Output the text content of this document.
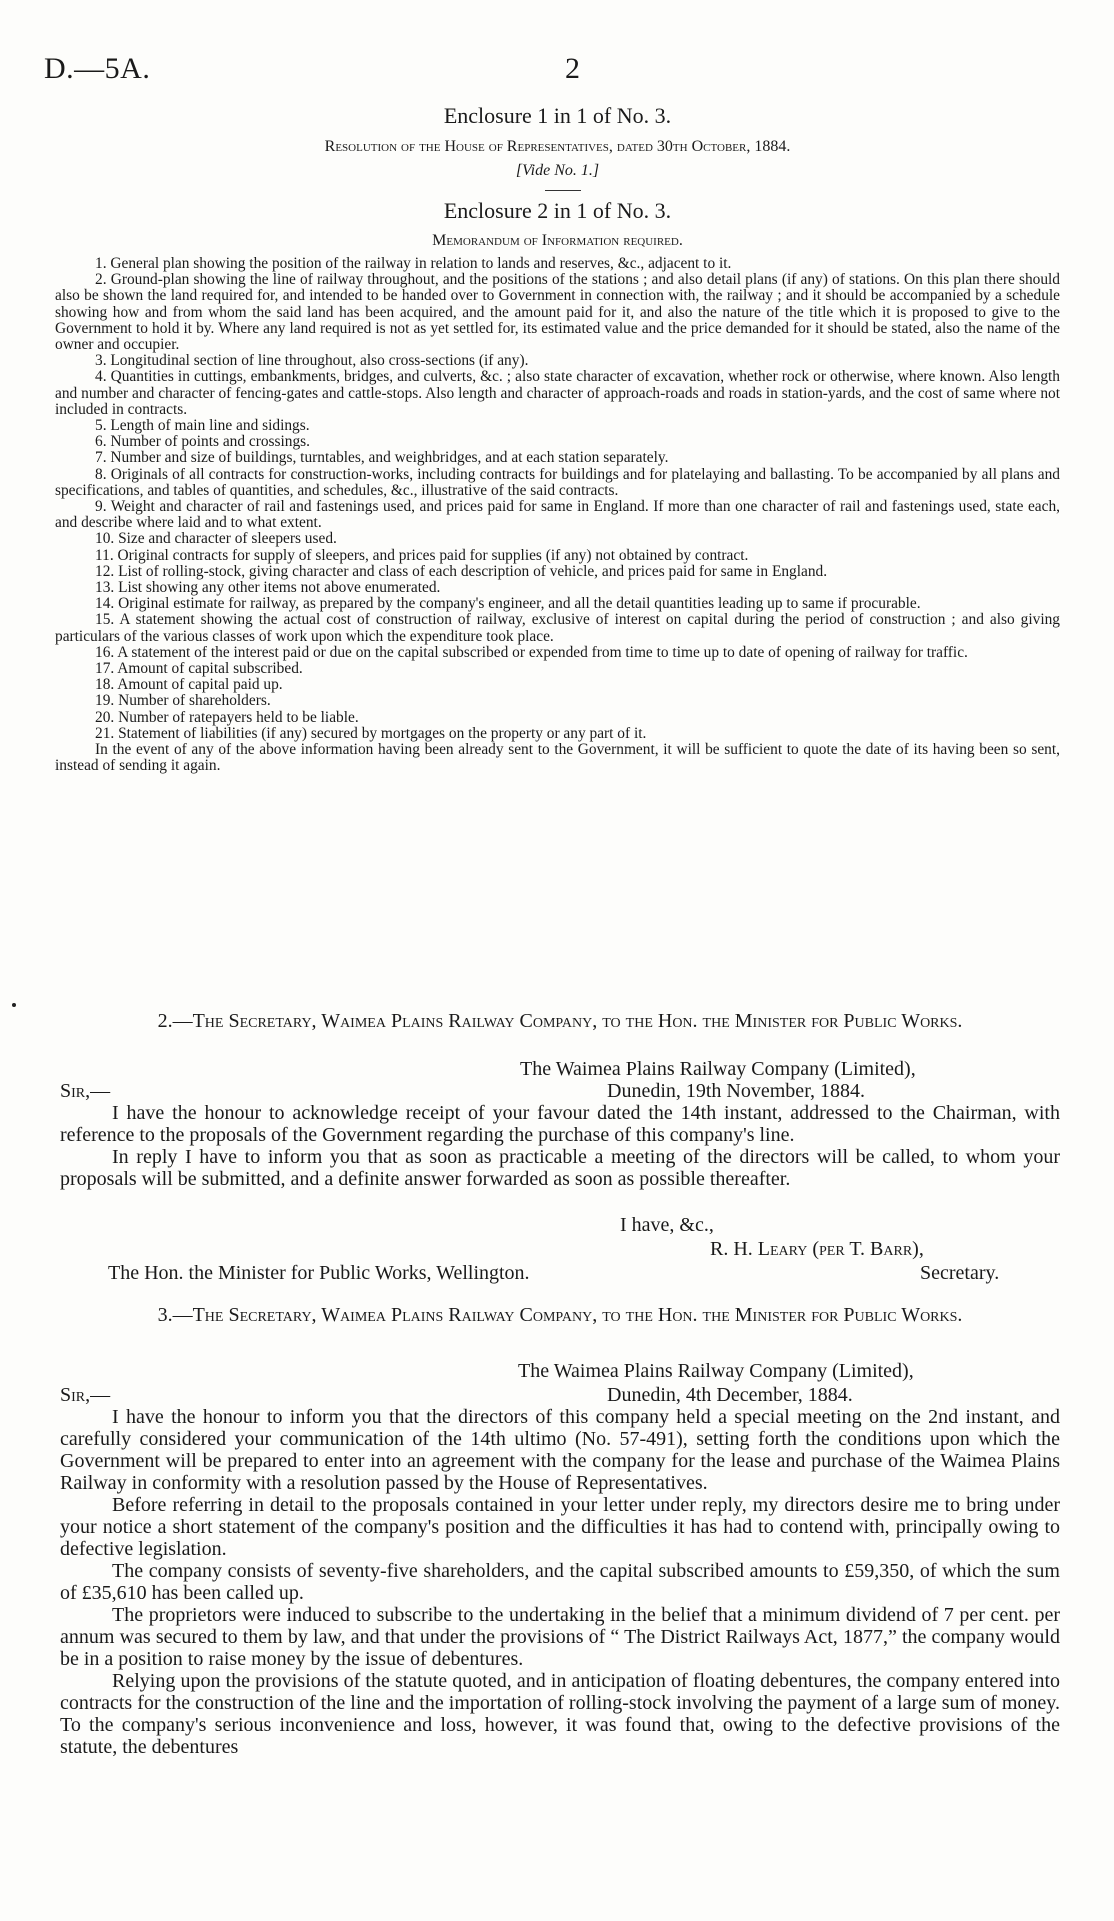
D.—5A.	2
Enclosure 1 in 1 of No. 3.
Resolution of the House of Representatives, dated 30th October, 1884.
[Vide No. 1.]
Enclosure 2 in 1 of No. 3.
Memorandum of Information required.

1. General plan showing the position of the railway in relation to lands and reserves, &c., adjacent to it.

2. Ground-plan showing the line of railway throughout, and the positions of the stations ; and also detail plans (if any) of stations. On this plan there should also be shown the land required for, and intended to be handed over to Government in connection with, the railway ; and it should be accompanied by a schedule showing how and from whom the said land has been acquired, and the amount paid for it, and also the nature of the title which it is proposed to give to the Government to hold it by. Where any land required is not as yet settled for, its estimated value and the price demanded for it should be stated, also the name of the owner and occupier.

3. Longitudinal section of line throughout, also cross-sections (if any).

4. Quantities in cuttings, embankments, bridges, and culverts, &c. ; also state character of excavation, whether rock or otherwise, where known. Also length and number and character of fencing-gates and cattle-stops. Also length and character of approach-roads and roads in station-yards, and the cost of same where not included in contracts.

5. Length of main line and sidings.

6. Number of points and crossings.

7. Number and size of buildings, turntables, and weighbridges, and at each station separately.

8. Originals of all contracts for construction-works, including contracts for buildings and for platelaying and ballasting. To be accompanied by all plans and specifications, and tables of quantities, and schedules, &c., illustrative of the said contracts.

9. Weight and character of rail and fastenings used, and prices paid for same in England. If more than one character of rail and fastenings used, state each, and describe where laid and to what extent.

10. Size and character of sleepers used.

11. Original contracts for supply of sleepers, and prices paid for supplies (if any) not obtained by contract.

12. List of rolling-stock, giving character and class of each description of vehicle, and prices paid for same in England.

13. List showing any other items not above enumerated.

14. Original estimate for railway, as prepared by the company's engineer, and all the detail quantities leading up to same if procurable.

15. A statement showing the actual cost of construction of railway, exclusive of interest on capital during the period of construction ; and also giving particulars of the various classes of work upon which the expenditure took place.

16. A statement of the interest paid or due on the capital subscribed or expended from time to time up to date of opening of railway for traffic.

17. Amount of capital subscribed.

18. Amount of capital paid up.

19. Number of shareholders.

20. Number of ratepayers held to be liable.

21. Statement of liabilities (if any) secured by mortgages on the property or any part of it.

In the event of any of the above information having been already sent to the Government, it will be sufficient to quote the date of its having been so sent, instead of sending it again.

2.—The Secretary, Waimea Plains Railway Company, to the Hon. the Minister for Public Works.
The Waimea Plains Railway Company (Limited),
Sir,—	Dunedin, 19th November, 1884.

I have the honour to acknowledge receipt of your favour dated the 14th instant, addressed to the Chairman, with reference to the proposals of the Government regarding the purchase of this company's line.

In reply I have to inform you that as soon as practicable a meeting of the directors will be called, to whom your proposals will be submitted, and a definite answer forwarded as soon as possible thereafter.

I have, &c.,
R. H. Leary (per T. Barr),
The Hon. the Minister for Public Works, Wellington.	Secretary.
3.—The Secretary, Waimea Plains Railway Company, to the Hon. the Minister for Public Works.
The Waimea Plains Railway Company (Limited),
Sir,—	Dunedin, 4th December, 1884.

I have the honour to inform you that the directors of this company held a special meeting on the 2nd instant, and carefully considered your communication of the 14th ultimo (No. 57-491), setting forth the conditions upon which the Government will be prepared to enter into an agreement with the company for the lease and purchase of the Waimea Plains Railway in conformity with a resolution passed by the House of Representatives.

Before referring in detail to the proposals contained in your letter under reply, my directors desire me to bring under your notice a short statement of the company's position and the difficulties it has had to contend with, principally owing to defective legislation.

The company consists of seventy-five shareholders, and the capital subscribed amounts to £59,350, of which the sum of £35,610 has been called up.

The proprietors were induced to subscribe to the undertaking in the belief that a minimum dividend of 7 per cent. per annum was secured to them by law, and that under the provisions of “ The District Railways Act, 1877,” the company would be in a position to raise money by the issue of debentures.

Relying upon the provisions of the statute quoted, and in anticipation of floating debentures, the company entered into contracts for the construction of the line and the importation of rolling-stock involving the payment of a large sum of money. To the company's serious inconvenience and loss, however, it was found that, owing to the defective provisions of the statute, the debentures
